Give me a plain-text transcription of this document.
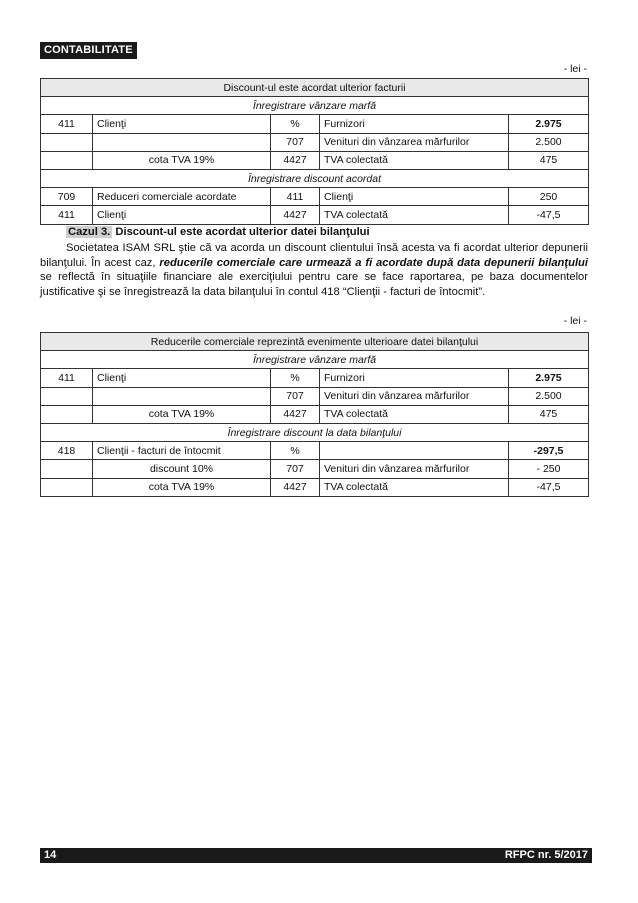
CONTABILITATE
- lei -
Discount-ul este acordat ulterior facturii				
Înregistrare vânzare marfă				
411	Clienţi	%	Furnizori	2.975
		707	Venituri din vânzarea mărfurilor	2.500
	cota TVA 19%	4427	TVA colectată	475
Înregistrare discount acordat				
709	Reduceri comerciale acordate	411	Clienţi	250
411	Clienţi	4427	TVA colectată	-47,5
Cazul 3. Discount-ul este acordat ulterior datei bilanţului

Societatea ISAM SRL ştie că va acorda un discount clientului însă acesta va fi acordat ulterior depunerii bilanţului. În acest caz, reducerile comerciale care urmează a fi acordate după data depunerii bilanţului se reflectă în situaţiile financiare ale exerciţiului pentru care se face raportarea, pe baza documentelor justificative şi se înregistrează la data bilanţului în contul 418 “Clienţii - facturi de întocmit”.

- lei -
Reducerile comerciale reprezintă evenimente ulterioare datei bilanţului				
Înregistrare vânzare marfă				
411	Clienţi	%	Furnizori	2.975
		707	Venituri din vânzarea mărfurilor	2.500
	cota TVA 19%	4427	TVA colectată	475
Înregistrare discount la data bilanţului				
418	Clienţii - facturi de întocmit	%		-297,5
	discount 10%	707	Venituri din vânzarea mărfurilor	- 250
	cota TVA 19%	4427	TVA colectată	-47,5
14	RFPC nr. 5/2017
